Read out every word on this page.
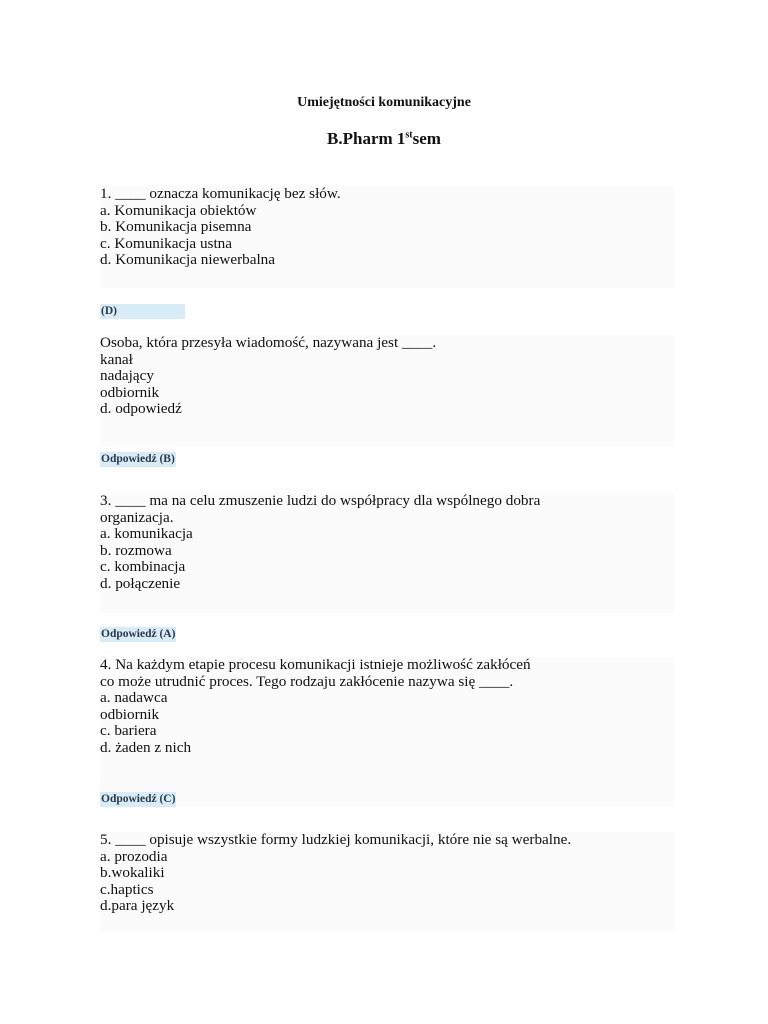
Umiejętności komunikacyjne
B.Pharm 1stsem
1. ____ oznacza komunikację bez słów.
a. Komunikacja obiektów
b. Komunikacja pisemna
c. Komunikacja ustna
d. Komunikacja niewerbalna
(D)
Osoba, która przesyła wiadomość, nazywana jest ____.
kanał
nadający
odbiornik
d. odpowiedź
Odpowiedź (B)
3. ____ ma na celu zmuszenie ludzi do współpracy dla wspólnego dobra
organizacja.
a. komunikacja
b. rozmowa
c. kombinacja
d. połączenie
Odpowiedź (A)
4. Na każdym etapie procesu komunikacji istnieje możliwość zakłóceń
co może utrudnić proces. Tego rodzaju zakłócenie nazywa się ____.
a. nadawca
odbiornik
c. bariera
d. żaden z nich
Odpowiedź (C)
5. ____ opisuje wszystkie formy ludzkiej komunikacji, które nie są werbalne.
a. prozodia
b.wokaliki
c.haptics
d.para język
